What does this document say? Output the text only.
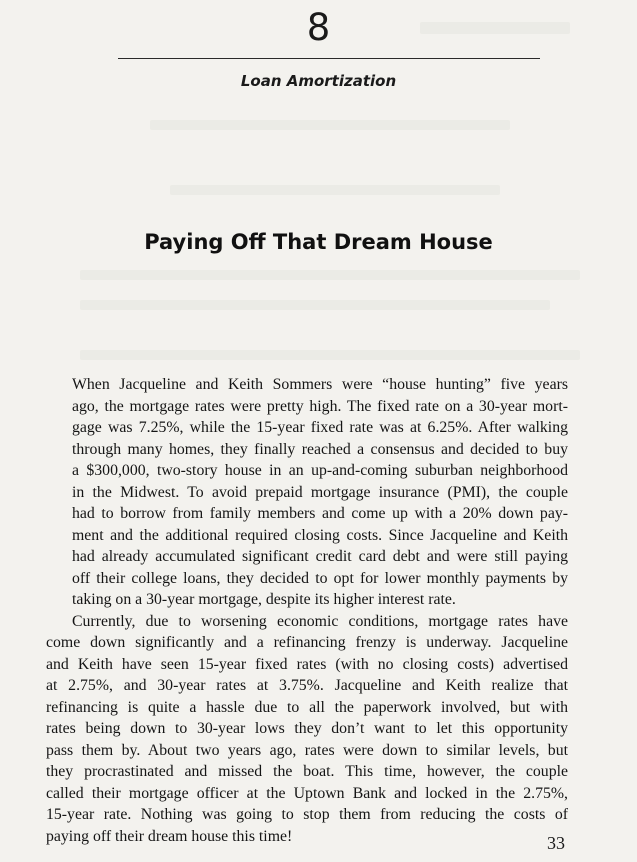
8
Loan Amortization
Paying Off That Dream House

When Jacqueline and Keith Sommers were “house hunting” five years
ago, the mortgage rates were pretty high. The fixed rate on a 30-year mort-
gage was 7.25%, while the 15-year fixed rate was at 6.25%. After walking
through many homes, they finally reached a consensus and decided to buy
a $300,000, two-story house in an up-and-coming suburban neighborhood
in the Midwest. To avoid prepaid mortgage insurance (PMI), the couple
had to borrow from family members and come up with a 20% down pay-
ment and the additional required closing costs. Since Jacqueline and Keith
had already accumulated significant credit card debt and were still paying
off their college loans, they decided to opt for lower monthly payments by
taking on a 30-year mortgage, despite its higher interest rate.

Currently, due to worsening economic conditions, mortgage rates have
come down significantly and a refinancing frenzy is underway. Jacqueline
and Keith have seen 15-year fixed rates (with no closing costs) advertised
at 2.75%, and 30-year rates at 3.75%. Jacqueline and Keith realize that
refinancing is quite a hassle due to all the paperwork involved, but with
rates being down to 30-year lows they don’t want to let this opportunity
pass them by. About two years ago, rates were down to similar levels, but
they procrastinated and missed the boat. This time, however, the couple
called their mortgage officer at the Uptown Bank and locked in the 2.75%,
15-year rate. Nothing was going to stop them from reducing the costs of
paying off their dream house this time!	33
